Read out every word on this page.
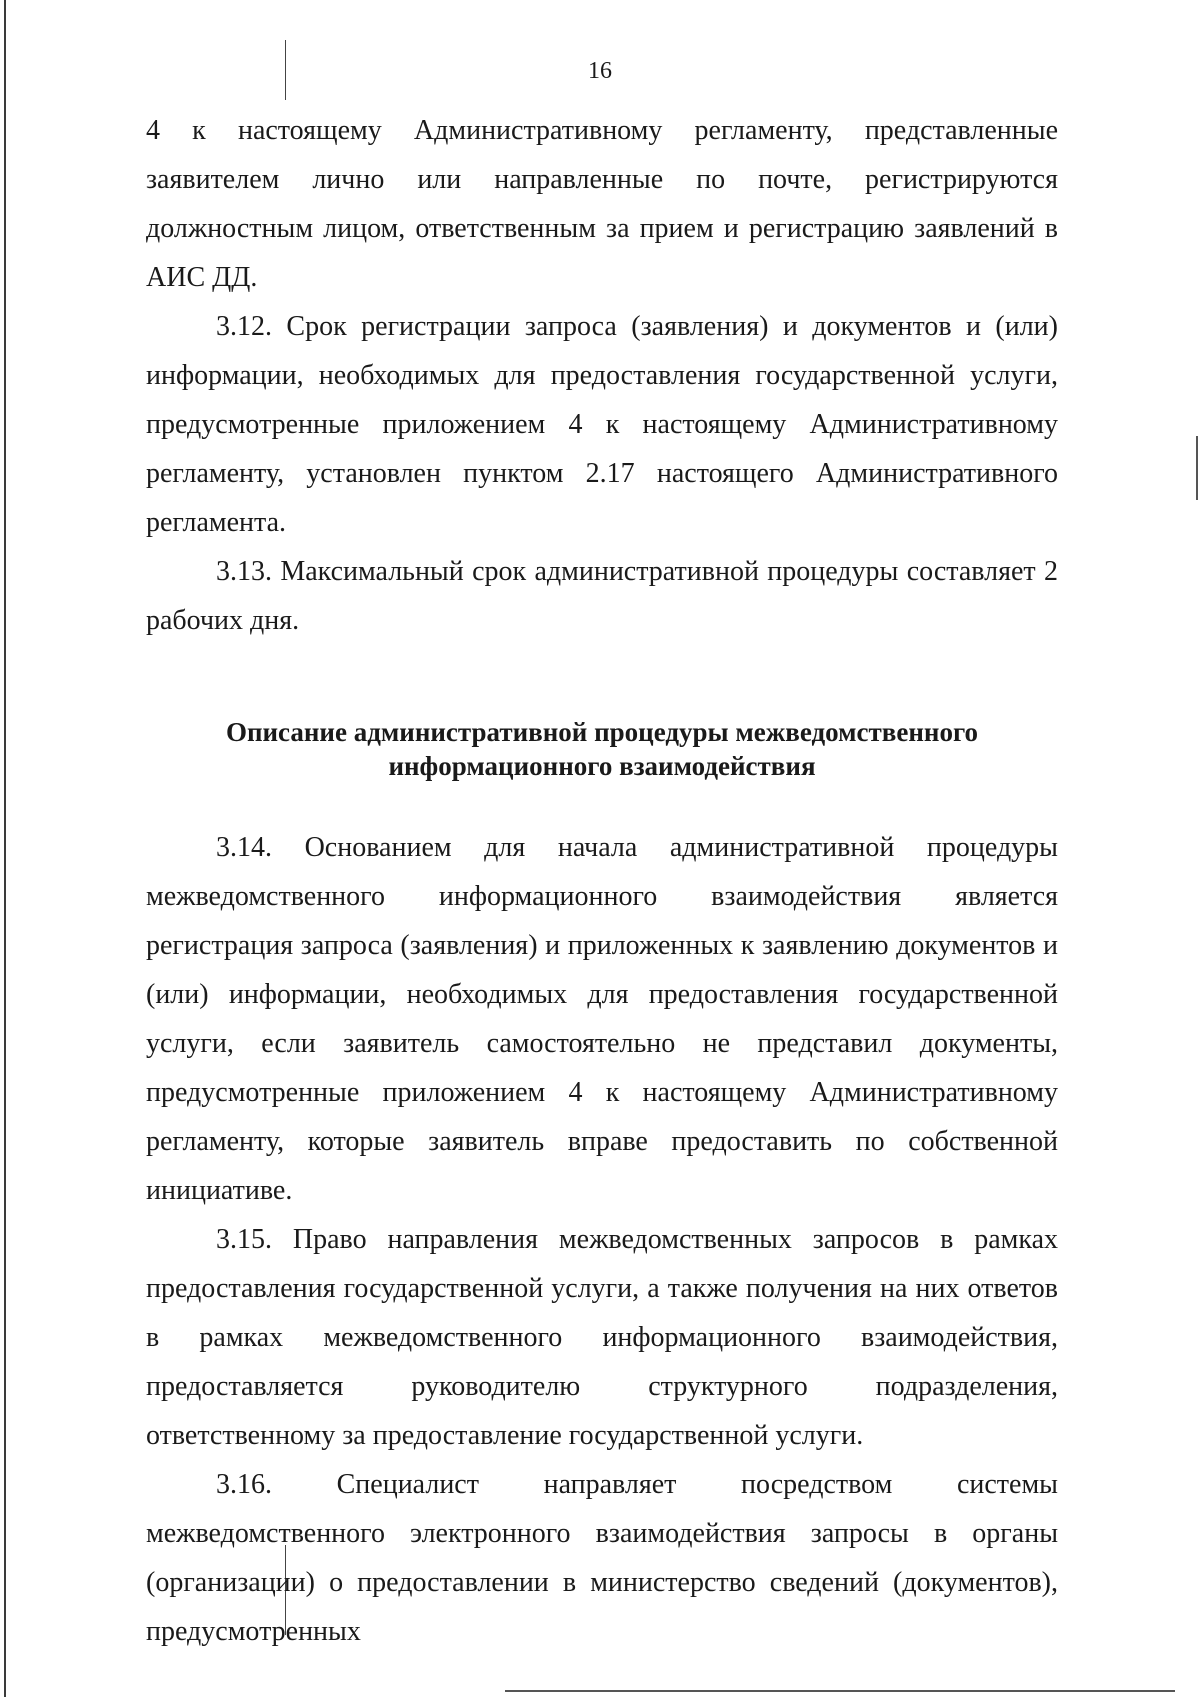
16

4 к настоящему Административному регламенту, представленные заявителем лично или направленные по почте, регистрируются должностным лицом, ответственным за прием и регистрацию заявлений в АИС ДД.

3.12. Срок регистрации запроса (заявления) и документов и (или) информации, необходимых для предоставления государственной услуги, предусмотренные приложением 4 к настоящему Административному регламенту, установлен пунктом 2.17 настоящего Административного регламента.

3.13. Максимальный срок административной процедуры составляет 2 рабочих дня.

Описание административной процедуры межведомственного

информационного взаимодействия

3.14. Основанием для начала административной процедуры межведомственного информационного взаимодействия является регистрация запроса (заявления) и приложенных к заявлению документов и (или) информации, необходимых для предоставления государственной услуги, если заявитель самостоятельно не представил документы, предусмотренные приложением 4 к настоящему Административному регламенту, которые заявитель вправе предоставить по собственной инициативе.

3.15. Право направления межведомственных запросов в рамках предоставления государственной услуги, а также получения на них ответов в рамках межведомственного информационного взаимодействия, предоставляется руководителю структурного подразделения, ответственному за предоставление государственной услуги.

3.16. Специалист направляет посредством системы межведомственного электронного взаимодействия запросы в органы (организации) о предоставлении в министерство сведений (документов), предусмотренных
